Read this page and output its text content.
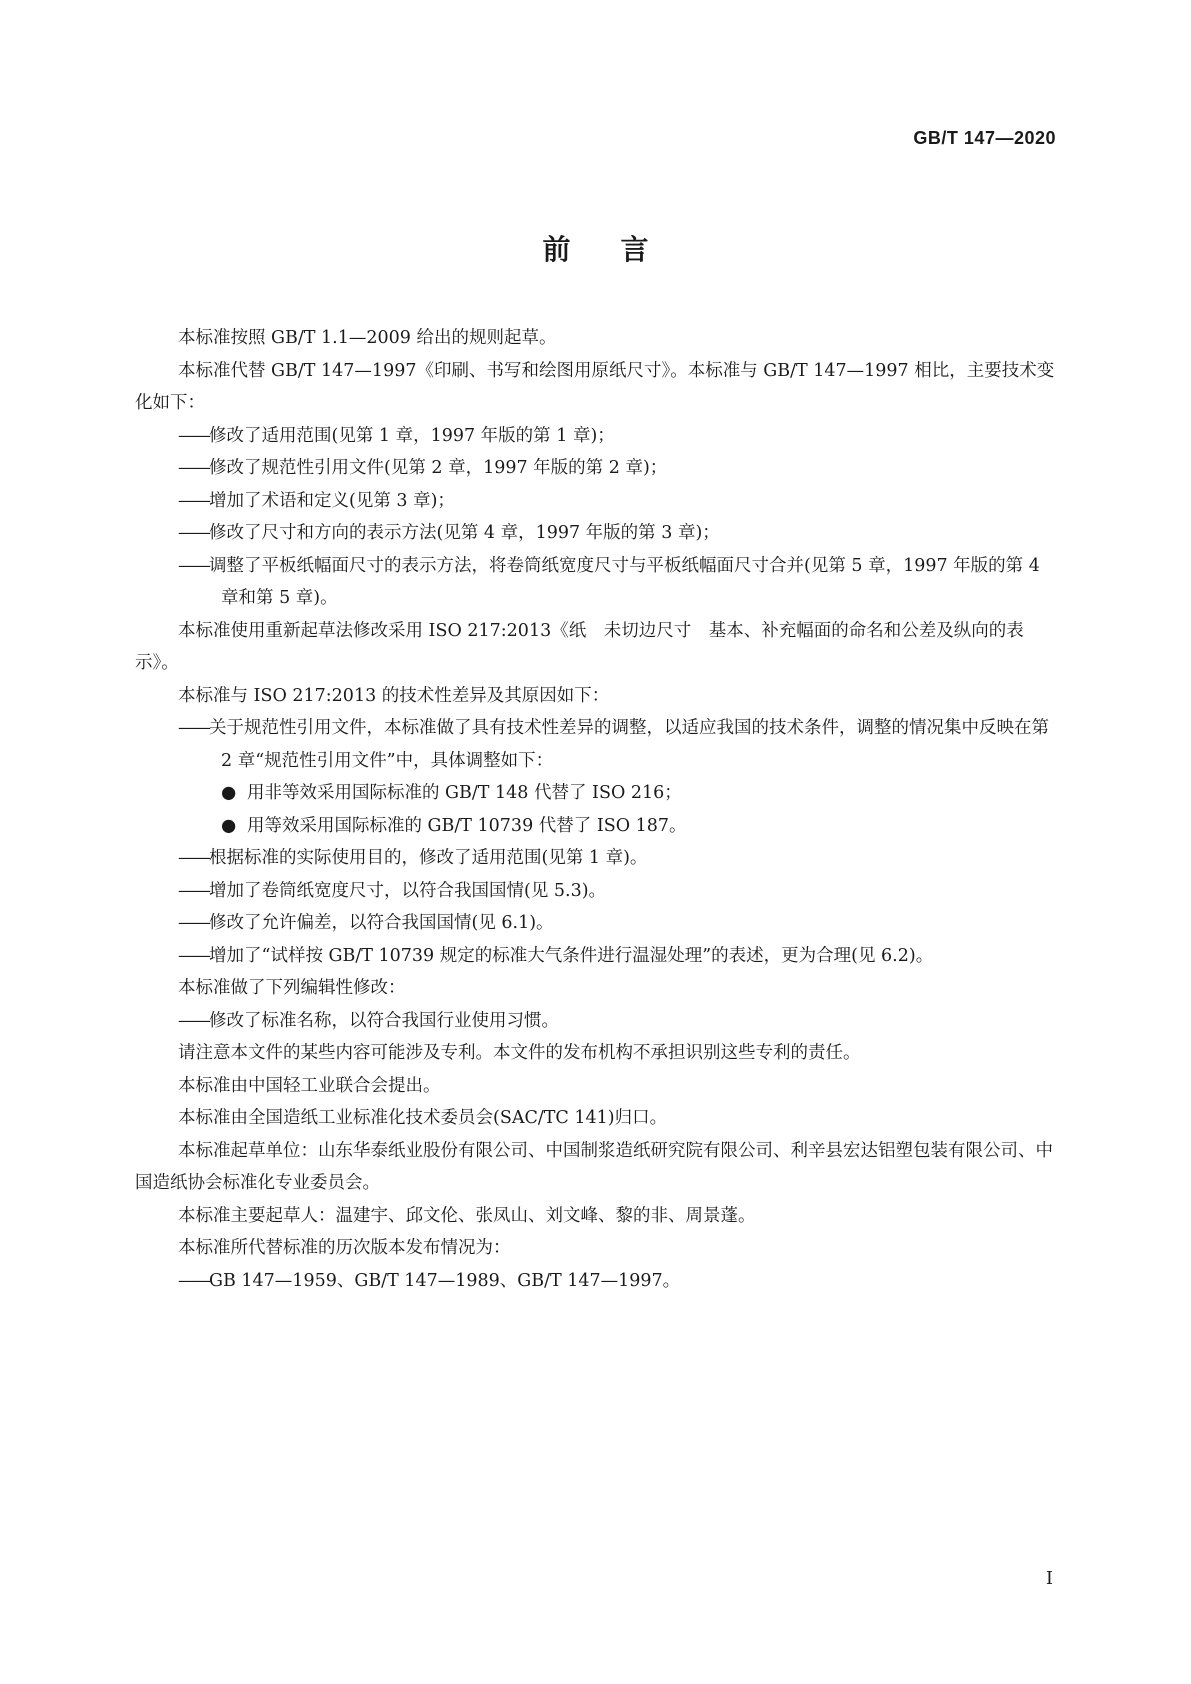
GB/T 147—2020
前 言

本标准按照 GB/T 1.1—2009 给出的规则起草。

本标准代替 GB/T 147—1997《印刷、书写和绘图用原纸尺寸》。本标准与 GB/T 147—1997 相比，主要技术变化如下：

——修改了适用范围(见第 1 章，1997 年版的第 1 章)；

——修改了规范性引用文件(见第 2 章，1997 年版的第 2 章)；

——增加了术语和定义(见第 3 章)；

——修改了尺寸和方向的表示方法(见第 4 章，1997 年版的第 3 章)；

——调整了平板纸幅面尺寸的表示方法，将卷筒纸宽度尺寸与平板纸幅面尺寸合并(见第 5 章，1997 年版的第 4 章和第 5 章)。

本标准使用重新起草法修改采用 ISO 217:2013《纸　未切边尺寸　基本、补充幅面的命名和公差及纵向的表示》。

本标准与 ISO 217:2013 的技术性差异及其原因如下：

——关于规范性引用文件，本标准做了具有技术性差异的调整，以适应我国的技术条件，调整的情况集中反映在第 2 章“规范性引用文件”中，具体调整如下：

● 用非等效采用国际标准的 GB/T 148 代替了 ISO 216；

● 用等效采用国际标准的 GB/T 10739 代替了 ISO 187。

——根据标准的实际使用目的，修改了适用范围(见第 1 章)。

——增加了卷筒纸宽度尺寸，以符合我国国情(见 5.3)。

——修改了允许偏差，以符合我国国情(见 6.1)。

——增加了“试样按 GB/T 10739 规定的标准大气条件进行温湿处理”的表述，更为合理(见 6.2)。

本标准做了下列编辑性修改：

——修改了标准名称，以符合我国行业使用习惯。

请注意本文件的某些内容可能涉及专利。本文件的发布机构不承担识别这些专利的责任。

本标准由中国轻工业联合会提出。

本标准由全国造纸工业标准化技术委员会(SAC/TC 141)归口。

本标准起草单位：山东华泰纸业股份有限公司、中国制浆造纸研究院有限公司、利辛县宏达铝塑包装有限公司、中国造纸协会标准化专业委员会。

本标准主要起草人：温建宇、邱文伦、张凤山、刘文峰、黎的非、周景蓬。

本标准所代替标准的历次版本发布情况为：

——GB 147—1959、GB/T 147—1989、GB/T 147—1997。

I
